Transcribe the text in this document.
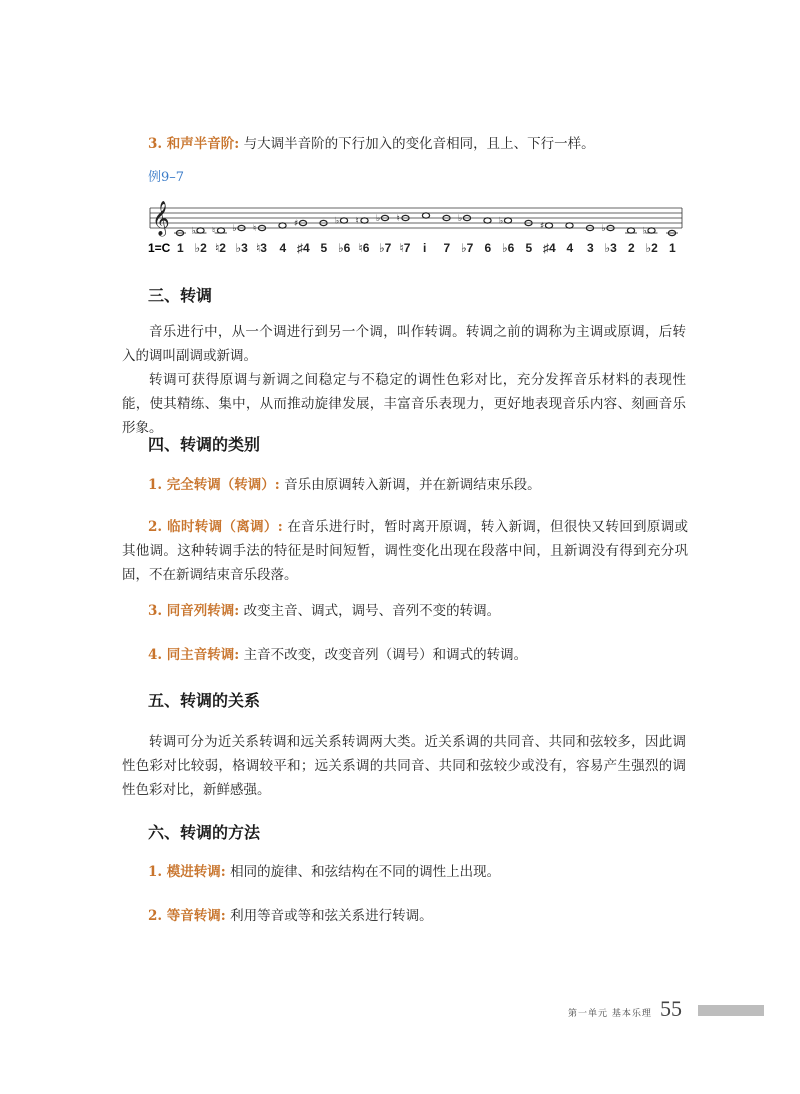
3. 和声半音阶: 与大调半音阶的下行加入的变化音相同，且上、下行一样。
例9–7
𝄞 ♭ ♮ ♭ ♮	♯	♭ ♮ ♭ ♮	♭	♭	♯	♭	♭
1=C 1 ♭2 ♮2 ♭3 ♮3 4 ♯4 5 ♭6 ♮6 ♭7 ♮7 i 7 ♭7 6 ♭6 5 ♯4 4 3 ♭3 2 ♭2 1
三、转调
音乐进行中，从一个调进行到另一个调，叫作转调。转调之前的调称为主调或原调，后转入的调叫副调或新调。
转调可获得原调与新调之间稳定与不稳定的调性色彩对比，充分发挥音乐材料的表现性能，使其精练、集中，从而推动旋律发展，丰富音乐表现力，更好地表现音乐内容、刻画音乐形象。
四、转调的类别
1. 完全转调（转调）: 音乐由原调转入新调，并在新调结束乐段。
2. 临时转调（离调）: 在音乐进行时，暂时离开原调，转入新调，但很快又转回到原调或其他调。这种转调手法的特征是时间短暂，调性变化出现在段落中间，且新调没有得到充分巩固，不在新调结束音乐段落。
3. 同音列转调: 改变主音、调式，调号、音列不变的转调。
4. 同主音转调: 主音不改变，改变音列（调号）和调式的转调。
五、转调的关系
转调可分为近关系转调和远关系转调两大类。近关系调的共同音、共同和弦较多，因此调性色彩对比较弱，格调较平和；远关系调的共同音、共同和弦较少或没有，容易产生强烈的调性色彩对比，新鲜感强。
六、转调的方法
1. 模进转调: 相同的旋律、和弦结构在不同的调性上出现。
2. 等音转调: 利用等音或等和弦关系进行转调。
第一单元 基本乐理 55
